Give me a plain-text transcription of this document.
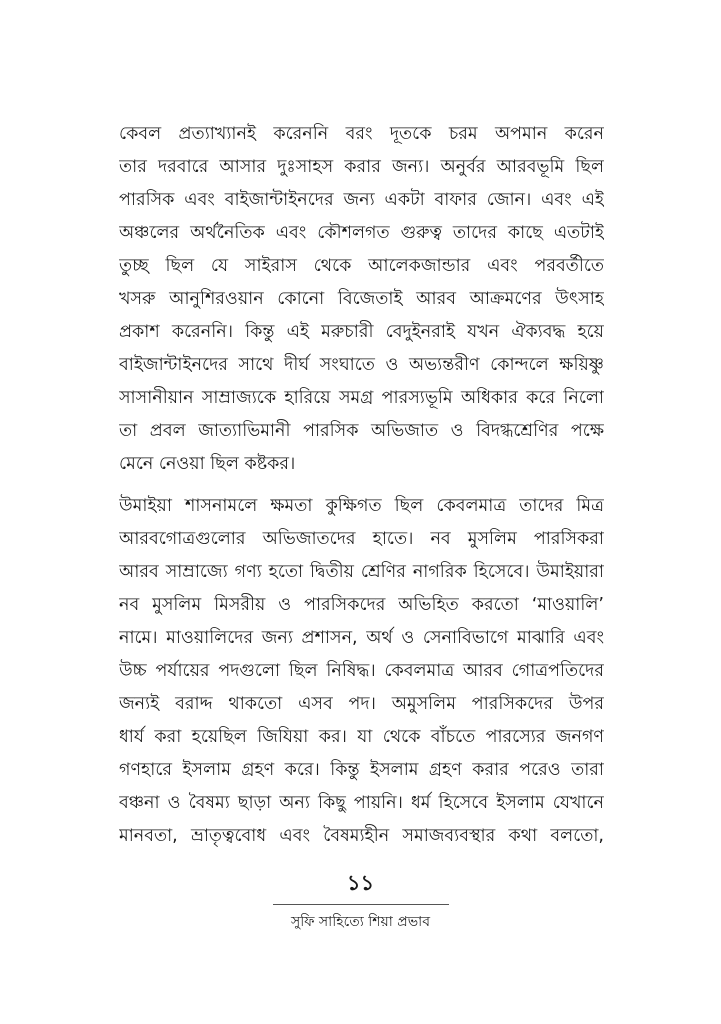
কেবল প্রত্যাখ্যানই করেননি বরং দূতকে চরম অপমান করেন
তার দরবারে আসার দুঃসাহস করার জন্য। অনুর্বর আরবভূমি ছিল
পারসিক এবং বাইজান্টাইনদের জন্য একটা বাফার জোন। এবং এই
অঞ্চলের অর্থনৈতিক এবং কৌশলগত গুরুত্ব তাদের কাছে এতটাই
তুচ্ছ ছিল যে সাইরাস থেকে আলেকজান্ডার এবং পরবর্তীতে
খসরু আনুশিরওয়ান কোনো বিজেতাই আরব আক্রমণের উৎসাহ
প্রকাশ করেননি। কিন্তু এই মরুচারী বেদুইনরাই যখন ঐক্যবদ্ধ হয়ে
বাইজান্টাইনদের সাথে দীর্ঘ সংঘাতে ও অভ্যন্তরীণ কোন্দলে ক্ষয়িষ্ণু
সাসানীয়ান সাম্রাজ্যকে হারিয়ে সমগ্র পারস্যভূমি অধিকার করে নিলো
তা প্রবল জাত্যাভিমানী পারসিক অভিজাত ও বিদগ্ধশ্রেণির পক্ষে
মেনে নেওয়া ছিল কষ্টকর।

উমাইয়া শাসনামলে ক্ষমতা কুক্ষিগত ছিল কেবলমাত্র তাদের মিত্র
আরবগোত্রগুলোর অভিজাতদের হাতে। নব মুসলিম পারসিকরা
আরব সাম্রাজ্যে গণ্য হতো দ্বিতীয় শ্রেণির নাগরিক হিসেবে। উমাইয়ারা
নব মুসলিম মিসরীয় ও পারসিকদের অভিহিত করতো ‘মাওয়ালি’
নামে। মাওয়ালিদের জন্য প্রশাসন, অর্থ ও সেনাবিভাগে মাঝারি এবং
উচ্চ পর্যায়ের পদগুলো ছিল নিষিদ্ধ। কেবলমাত্র আরব গোত্রপতিদের
জন্যই বরাদ্দ থাকতো এসব পদ। অমুসলিম পারসিকদের উপর
ধার্য করা হয়েছিল জিযিয়া কর। যা থেকে বাঁচতে পারস্যের জনগণ
গণহারে ইসলাম গ্রহণ করে। কিন্তু ইসলাম গ্রহণ করার পরেও তারা
বঞ্চনা ও বৈষম্য ছাড়া অন্য কিছু পায়নি। ধর্ম হিসেবে ইসলাম যেখানে
মানবতা, ভ্রাতৃত্ববোধ এবং বৈষম্যহীন সমাজব্যবস্থার কথা বলতো,

১১
সুফি সাহিত্যে শিয়া প্রভাব
